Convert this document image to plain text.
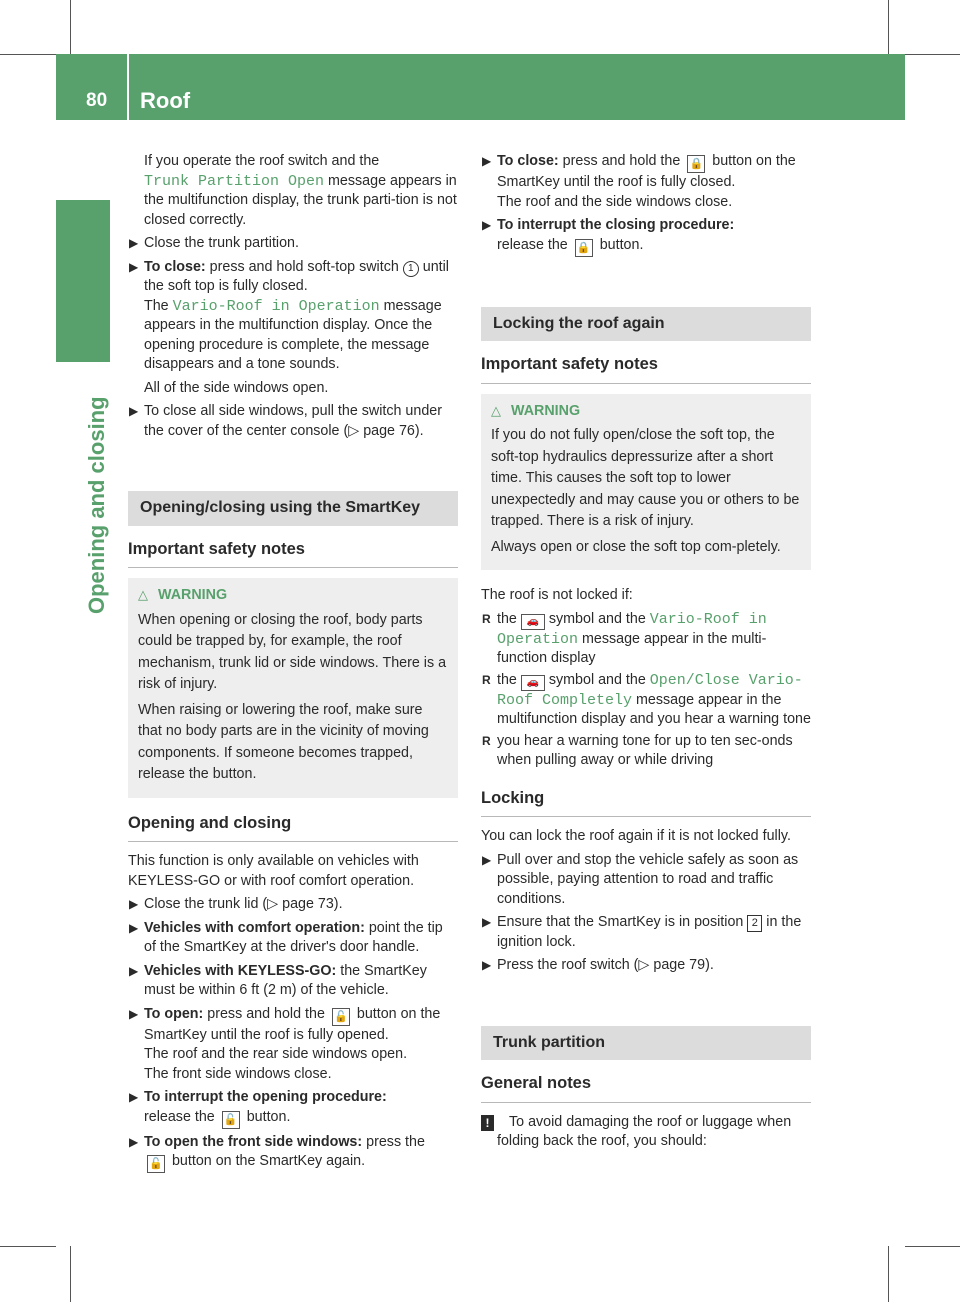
80 Roof
Opening and closing

If you operate the roof switch and the
Trunk Partition Open message appears in the multifunction display, the trunk parti-tion is not closed correctly.

▶ Close the trunk partition.
▶ To close: press and hold soft-top switch 1 until the soft top is fully closed.
The Vario-Roof in Operation message appears in the multifunction display. Once the opening procedure is complete, the message disappears and a tone sounds.
All of the side windows open.
▶ To close all side windows, pull the switch under the cover of the center console (▷ page 76).
Opening/closing using the SmartKey
Important safety notes
△ WARNING

When opening or closing the roof, body parts could be trapped by, for example, the roof mechanism, trunk lid or side windows. There is a risk of injury.

When raising or lowering the roof, make sure that no body parts are in the vicinity of moving components. If someone becomes trapped, release the button.

Opening and closing

This function is only available on vehicles with KEYLESS-GO or with roof comfort operation.

▶ Close the trunk lid (▷ page 73).
▶ Vehicles with comfort operation: point the tip of the SmartKey at the driver's door handle.
▶ Vehicles with KEYLESS-GO: the SmartKey must be within 6 ft (2 m) of the vehicle.
▶ To open: press and hold the 🔓 button on the SmartKey until the roof is fully opened.
The roof and the rear side windows open.
The front side windows close.
▶ To interrupt the opening procedure:
release the 🔓 button.
▶ To open the front side windows: press the
🔓 button on the SmartKey again.
▶ To close: press and hold the 🔒 button on the SmartKey until the roof is fully closed.
The roof and the side windows close.
▶ To interrupt the closing procedure:
release the 🔒 button.
Locking the roof again
Important safety notes
△ WARNING

If you do not fully open/close the soft top, the soft-top hydraulics depressurize after a short time. This causes the soft top to lower unexpectedly and may cause you or others to be trapped. There is a risk of injury.

Always open or close the soft top com-pletely.

The roof is not locked if:

R the 🚗 symbol and the Vario-Roof in Operation message appear in the multi-function display
R the 🚗 symbol and the Open/Close Vario-Roof Completely message appear in the multifunction display and you hear a warning tone
R you hear a warning tone for up to ten sec-onds when pulling away or while driving
Locking

You can lock the roof again if it is not locked fully.

▶ Pull over and stop the vehicle safely as soon as possible, paying attention to road and traffic conditions.
▶ Ensure that the SmartKey is in position 2 in the ignition lock.
▶ Press the roof switch (▷ page 79).
Trunk partition
General notes
!	To avoid damaging the roof or luggage when folding back the roof, you should:
